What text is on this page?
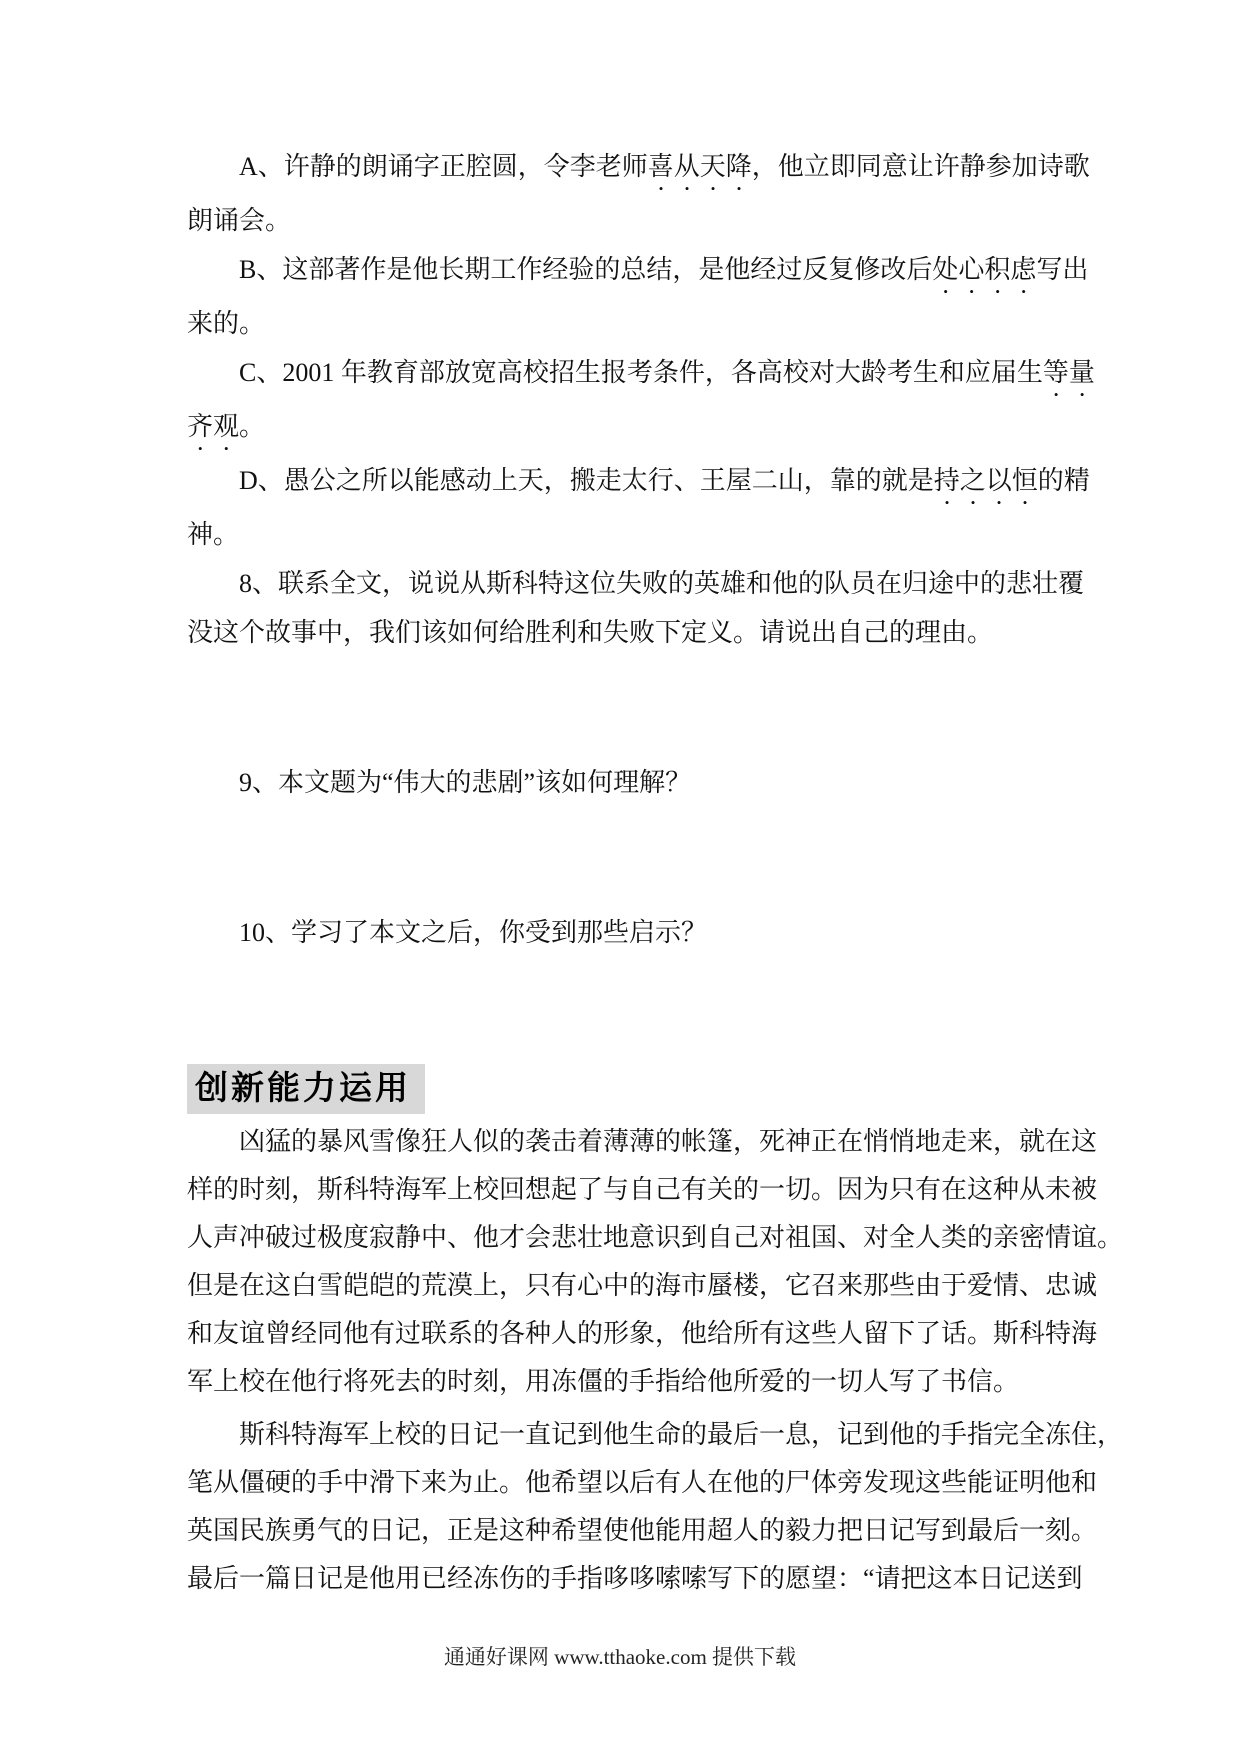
A、许静的朗诵字正腔圆，令李老师喜从天降，他立即同意让许静参加诗歌
朗诵会。
B、这部著作是他长期工作经验的总结，是他经过反复修改后处心积虑写出
来的。
C、2001 年教育部放宽高校招生报考条件，各高校对大龄考生和应届生等量
齐观。
D、愚公之所以能感动上天，搬走太行、王屋二山，靠的就是持之以恒的精
神。
8、联系全文，说说从斯科特这位失败的英雄和他的队员在归途中的悲壮覆
没这个故事中，我们该如何给胜利和失败下定义。请说出自己的理由。
9、本文题为“伟大的悲剧”该如何理解？
10、学习了本文之后，你受到那些启示？
创新能力运用
凶猛的暴风雪像狂人似的袭击着薄薄的帐篷，死神正在悄悄地走来，就在这
样的时刻，斯科特海军上校回想起了与自己有关的一切。因为只有在这种从未被
人声冲破过极度寂静中、他才会悲壮地意识到自己对祖国、对全人类的亲密情谊。
但是在这白雪皑皑的荒漠上，只有心中的海市蜃楼，它召来那些由于爱情、忠诚
和友谊曾经同他有过联系的各种人的形象，他给所有这些人留下了话。斯科特海
军上校在他行将死去的时刻，用冻僵的手指给他所爱的一切人写了书信。
斯科特海军上校的日记一直记到他生命的最后一息，记到他的手指完全冻住，
笔从僵硬的手中滑下来为止。他希望以后有人在他的尸体旁发现这些能证明他和
英国民族勇气的日记，正是这种希望使他能用超人的毅力把日记写到最后一刻。
最后一篇日记是他用已经冻伤的手指哆哆嗦嗦写下的愿望：“请把这本日记送到
通通好课网 www.tthaoke.com 提供下载
